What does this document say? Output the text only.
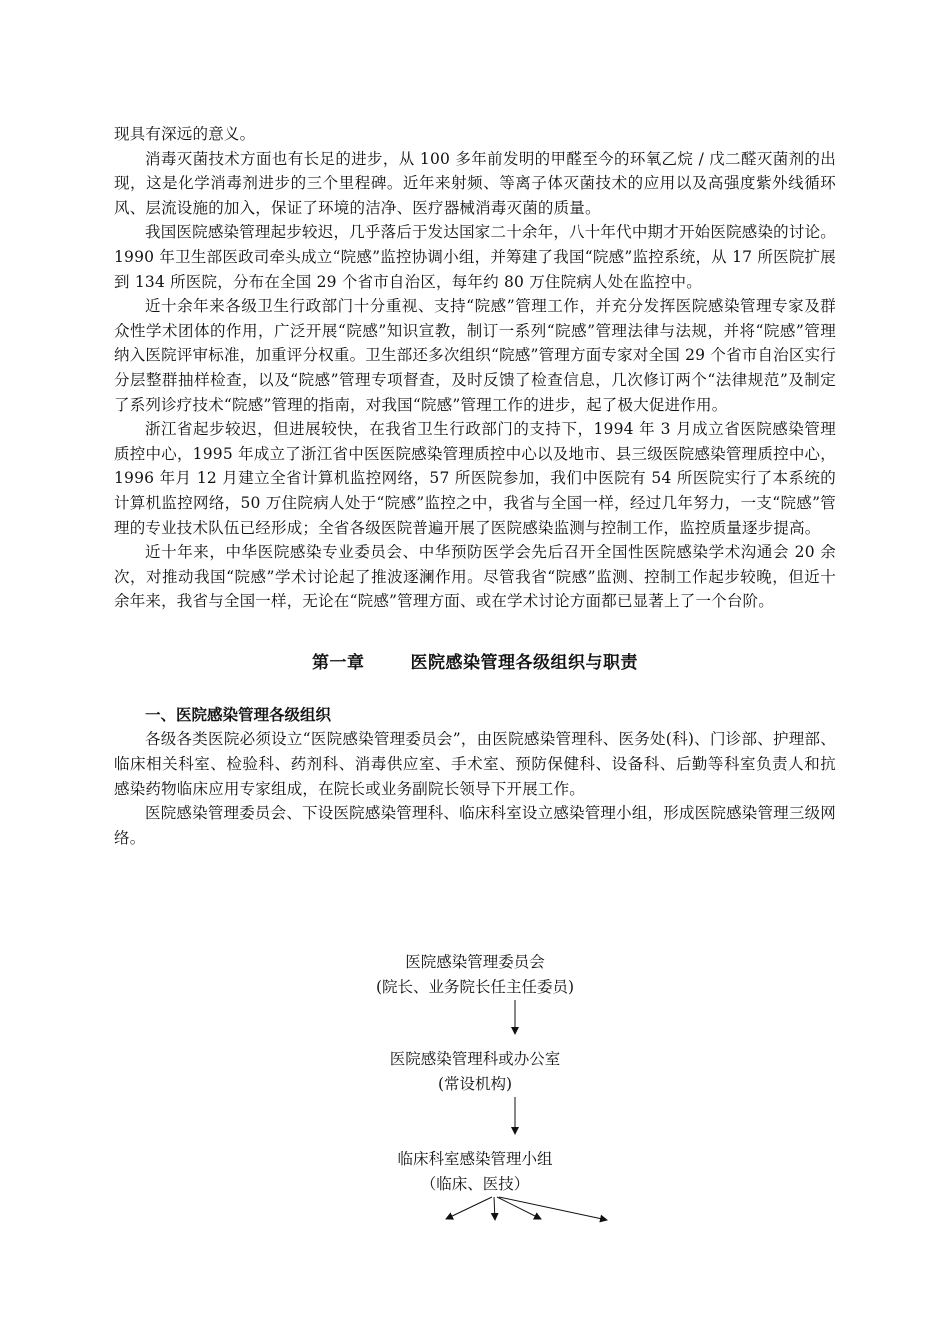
现具有深远的意义。

消毒灭菌技术方面也有长足的进步，从 100 多年前发明的甲醛至今的环氧乙烷 / 戊二醛灭菌剂的出现，这是化学消毒剂进步的三个里程碑。近年来射频、等离子体灭菌技术的应用以及高强度紫外线循环风、层流设施的加入，保证了环境的洁净、医疗器械消毒灭菌的质量。

我国医院感染管理起步较迟，几乎落后于发达国家二十余年，八十年代中期才开始医院感染的讨论。1990 年卫生部医政司牵头成立“院感”监控协调小组，并筹建了我国“院感”监控系统，从 17 所医院扩展到 134 所医院，分布在全国 29 个省市自治区，每年约 80 万住院病人处在监控中。

近十余年来各级卫生行政部门十分重视、支持“院感”管理工作，并充分发挥医院感染管理专家及群众性学术团体的作用，广泛开展“院感”知识宣教，制订一系列“院感”管理法律与法规，并将“院感”管理纳入医院评审标准，加重评分权重。卫生部还多次组织“院感”管理方面专家对全国 29 个省市自治区实行分层整群抽样检查，以及“院感”管理专项督查，及时反馈了检查信息，几次修订两个“法律规范”及制定了系列诊疗技术“院感”管理的指南，对我国“院感”管理工作的进步，起了极大促进作用。

浙江省起步较迟，但进展较快，在我省卫生行政部门的支持下，1994 年 3 月成立省医院感染管理质控中心，1995 年成立了浙江省中医医院感染管理质控中心以及地市、县三级医院感染管理质控中心，1996 年月 12 月建立全省计算机监控网络，57 所医院参加，我们中医院有 54 所医院实行了本系统的计算机监控网络，50 万住院病人处于“院感”监控之中，我省与全国一样，经过几年努力，一支“院感”管理的专业技术队伍已经形成；全省各级医院普遍开展了医院感染监测与控制工作，监控质量逐步提高。

近十年来，中华医院感染专业委员会、中华预防医学会先后召开全国性医院感染学术沟通会 20 余次，对推动我国“院感”学术讨论起了推波逐澜作用。尽管我省“院感”监测、控制工作起步较晚，但近十余年来，我省与全国一样，无论在“院感”管理方面、或在学术讨论方面都已显著上了一个台阶。

第一章	医院感染管理各级组织与职责

一、医院感染管理各级组织

各级各类医院必须设立“医院感染管理委员会”，由医院感染管理科、医务处(科)、门诊部、护理部、临床相关科室、检验科、药剂科、消毒供应室、手术室、预防保健科、设备科、后勤等科室负责人和抗感染药物临床应用专家组成，在院长或业务副院长领导下开展工作。

医院感染管理委员会、下设医院感染管理科、临床科室设立感染管理小组，形成医院感染管理三级网络。

医院感染管理委员会
(院长、业务院长任主任委员)
医院感染管理科或办公室
(常设机构)
临床科室感染管理小组
（临床、医技）
